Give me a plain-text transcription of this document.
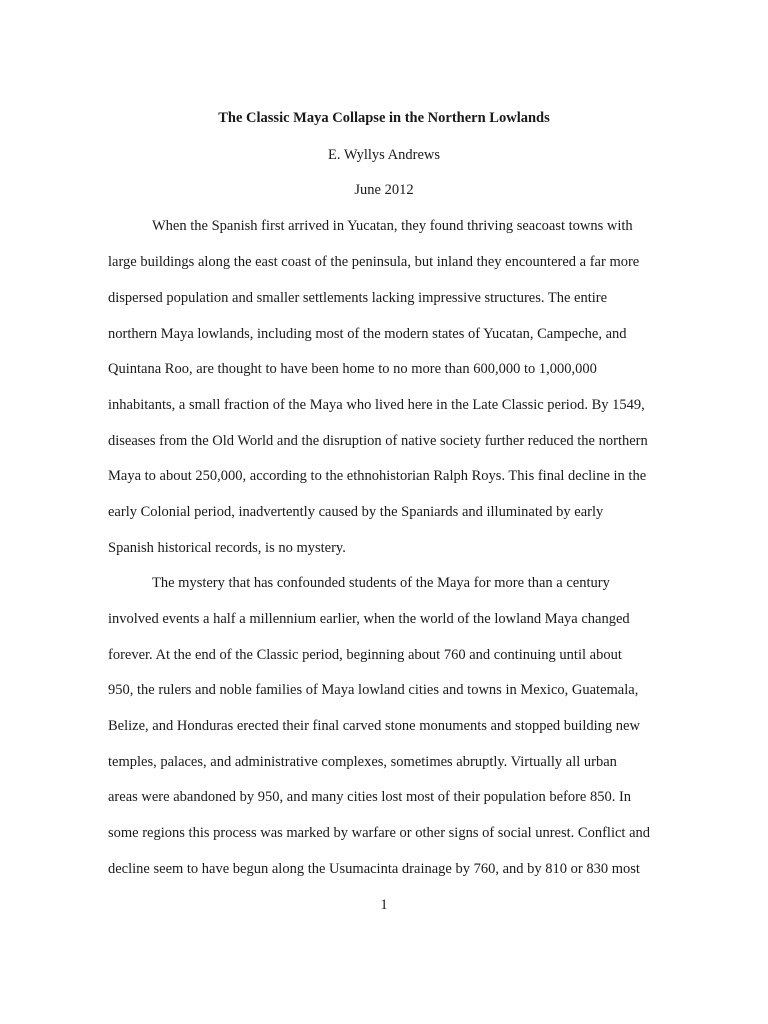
The Classic Maya Collapse in the Northern Lowlands
E. Wyllys Andrews
June 2012
When the Spanish first arrived in Yucatan, they found thriving seacoast towns with
large buildings along the east coast of the peninsula, but inland they encountered a far more
dispersed population and smaller settlements lacking impressive structures. The entire
northern Maya lowlands, including most of the modern states of Yucatan, Campeche, and
Quintana Roo, are thought to have been home to no more than 600,000 to 1,000,000
inhabitants, a small fraction of the Maya who lived here in the Late Classic period. By 1549,
diseases from the Old World and the disruption of native society further reduced the northern
Maya to about 250,000, according to the ethnohistorian Ralph Roys. This final decline in the
early Colonial period, inadvertently caused by the Spaniards and illuminated by early
Spanish historical records, is no mystery.
The mystery that has confounded students of the Maya for more than a century
involved events a half a millennium earlier, when the world of the lowland Maya changed
forever. At the end of the Classic period, beginning about 760 and continuing until about
950, the rulers and noble families of Maya lowland cities and towns in Mexico, Guatemala,
Belize, and Honduras erected their final carved stone monuments and stopped building new
temples, palaces, and administrative complexes, sometimes abruptly. Virtually all urban
areas were abandoned by 950, and many cities lost most of their population before 850. In
some regions this process was marked by warfare or other signs of social unrest. Conflict and
decline seem to have begun along the Usumacinta drainage by 760, and by 810 or 830 most
1
